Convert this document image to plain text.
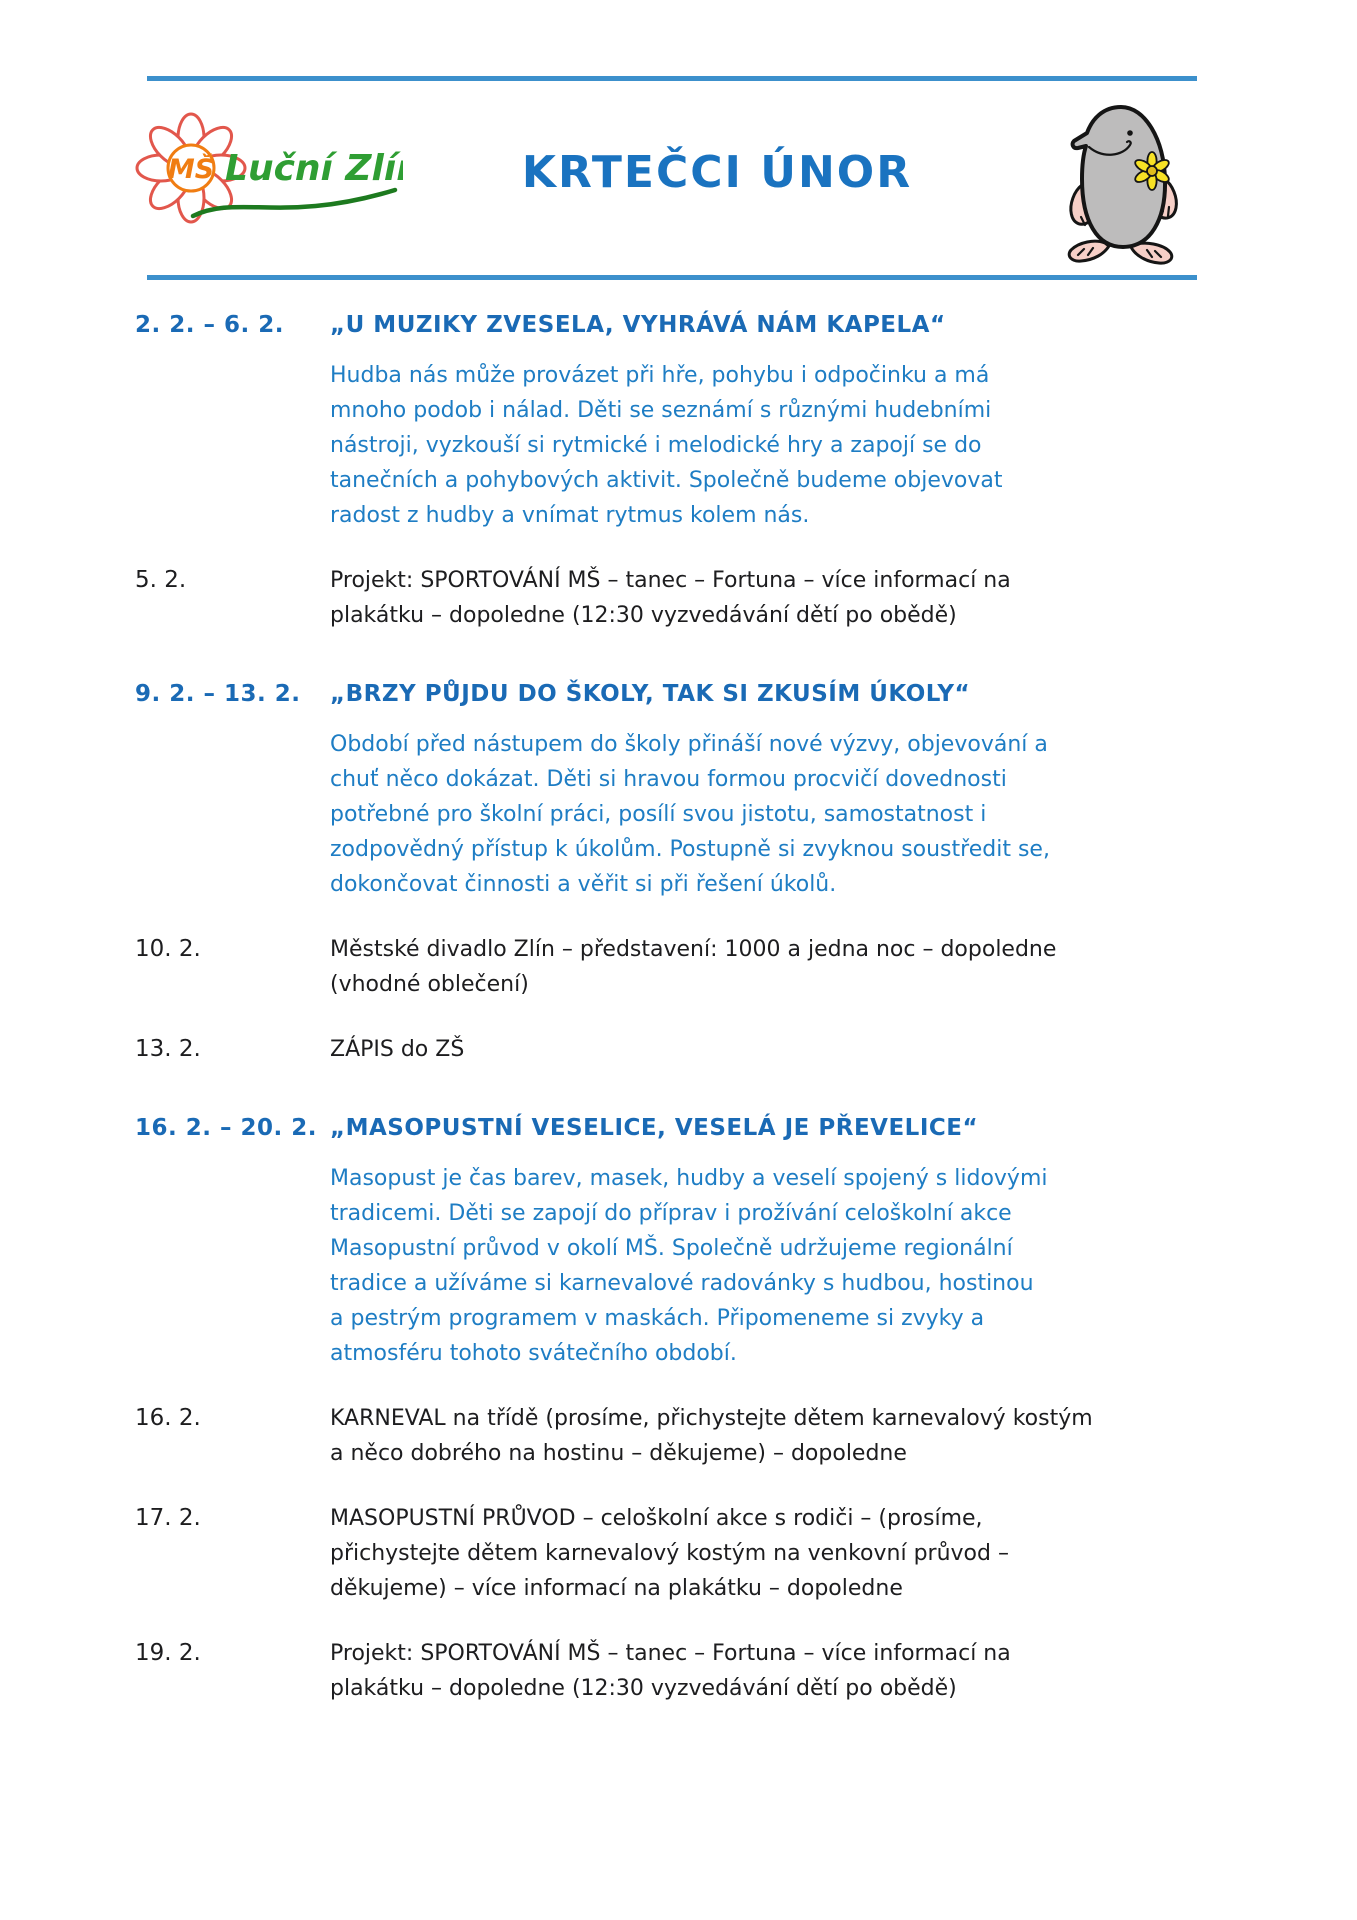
MŠ Luční Zlín	KRTEČCI ÚNOR
2. 2. – 6. 2.	„U MUZIKY ZVESELA, VYHRÁVÁ NÁM KAPELA“

Hudba nás může provázet při hře, pohybu i odpočinku a má mnoho podob i nálad. Děti se seznámí s různými hudebními nástroji, vyzkouší si rytmické i melodické hry a zapojí se do tanečních a pohybových aktivit. Společně budeme objevovat radost z hudby a vnímat rytmus kolem nás.

5. 2.	Projekt: SPORTOVÁNÍ MŠ – tanec – Fortuna – více informací na plakátku – dopoledne (12:30 vyzvedávání dětí po obědě)

9. 2. – 13. 2.	„BRZY PŮJDU DO ŠKOLY, TAK SI ZKUSÍM ÚKOLY“

Období před nástupem do školy přináší nové výzvy, objevování a chuť něco dokázat. Děti si hravou formou procvičí dovednosti potřebné pro školní práci, posílí svou jistotu, samostatnost i zodpovědný přístup k úkolům. Postupně si zvyknou soustředit se, dokončovat činnosti a věřit si při řešení úkolů.

10. 2.	Městské divadlo Zlín – představení: 1000 a jedna noc – dopoledne (vhodné oblečení)

13. 2.	ZÁPIS do ZŠ

16. 2. – 20. 2. „MASOPUSTNÍ VESELICE, VESELÁ JE PŘEVELICE“

Masopust je čas barev, masek, hudby a veselí spojený s lidovými tradicemi. Děti se zapojí do příprav i prožívání celoškolní akce Masopustní průvod v okolí MŠ. Společně udržujeme regionální tradice a užíváme si karnevalové radovánky s hudbou, hostinou a pestrým programem v maskách. Připomeneme si zvyky a atmosféru tohoto svátečního období.

16. 2.	KARNEVAL na třídě (prosíme, přichystejte dětem karnevalový kostým a něco dobrého na hostinu – děkujeme) – dopoledne

17. 2.	MASOPUSTNÍ PRŮVOD – celoškolní akce s rodiči – (prosíme, přichystejte dětem karnevalový kostým na venkovní průvod – děkujeme) – více informací na plakátku – dopoledne

19. 2.	Projekt: SPORTOVÁNÍ MŠ – tanec – Fortuna – více informací na plakátku – dopoledne (12:30 vyzvedávání dětí po obědě)
